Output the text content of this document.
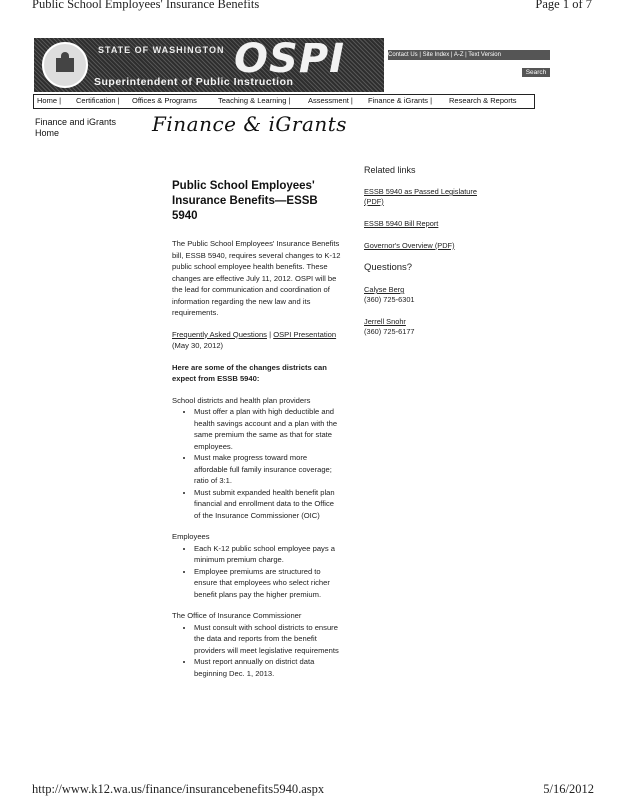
Public School Employees' Insurance Benefits	Page 1 of 7
STATE OF WASHINGTON OSPI
Superintendent of Public Instruction
Contact Us | Site Index | A-Z | Text Version
Search
Home | Certification | Offices & Programs	Teaching & Learning | Assessment | Finance & iGrants | Research & Reports
Finance and iGrants
Home	Finance & iGrants
Public School Employees' Insurance Benefits—ESSB 5940

The Public School Employees' Insurance Benefits bill, ESSB 5940, requires several changes to K-12 public school employee health benefits. These changes are effective July 11, 2012. OSPI will be the lead for communication and coordination of information regarding the new law and its requirements.

Frequently Asked Questions | OSPI Presentation (May 30, 2012)

Here are some of the changes districts can expect from ESSB 5940:

School districts and health plan providers
• Must offer a plan with high deductible and health savings account and a plan with the same premium the same as that for state employees.
• Must make progress toward more affordable full family insurance coverage; ratio of 3:1.
• Must submit expanded health benefit plan financial and enrollment data to the Office of the Insurance Commissioner (OIC)
Employees
• Each K-12 public school employee pays a minimum premium charge.
• Employee premiums are structured to ensure that employees who select richer benefit plans pay the higher premium.
The Office of Insurance Commissioner
• Must consult with school districts to ensure the data and reports from the benefit providers will meet legislative requirements
• Must report annually on district data beginning Dec. 1, 2013.
Related links
ESSB 5940 as Passed Legislature (PDF)
ESSB 5940 Bill Report
Governor's Overview (PDF)
Questions?
Calyse Berg
(360) 725-6301
Jerrell Snohr
(360) 725-6177
http://www.k12.wa.us/finance/insurancebenefits5940.aspx	5/16/2012
